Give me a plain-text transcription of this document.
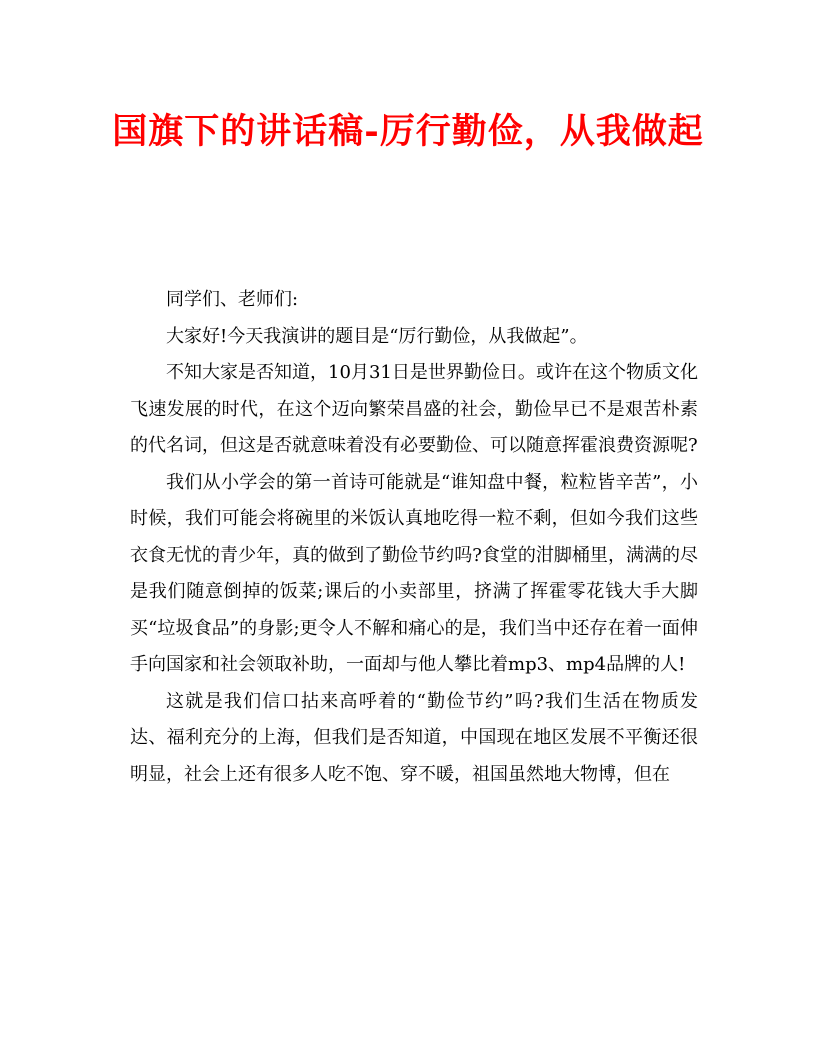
国旗下的讲话稿-厉行勤俭，从我做起

同学们、老师们:

大家好!今天我演讲的题目是“厉行勤俭，从我做起”。

不知大家是否知道，10月31日是世界勤俭日。或许在这个物质文化飞速发展的时代，在这个迈向繁荣昌盛的社会，勤俭早已不是艰苦朴素的代名词，但这是否就意味着没有必要勤俭、可以随意挥霍浪费资源呢?

我们从小学会的第一首诗可能就是“谁知盘中餐，粒粒皆辛苦”，小时候，我们可能会将碗里的米饭认真地吃得一粒不剩，但如今我们这些衣食无忧的青少年，真的做到了勤俭节约吗?食堂的泔脚桶里，满满的尽是我们随意倒掉的饭菜;课后的小卖部里，挤满了挥霍零花钱大手大脚买“垃圾食品”的身影;更令人不解和痛心的是，我们当中还存在着一面伸手向国家和社会领取补助，一面却与他人攀比着mp3、mp4品牌的人!

这就是我们信口拈来高呼着的“勤俭节约”吗?我们生活在物质发达、福利充分的上海，但我们是否知道，中国现在地区发展不平衡还很明显，社会上还有很多人吃不饱、穿不暖，祖国虽然地大物博，但在
